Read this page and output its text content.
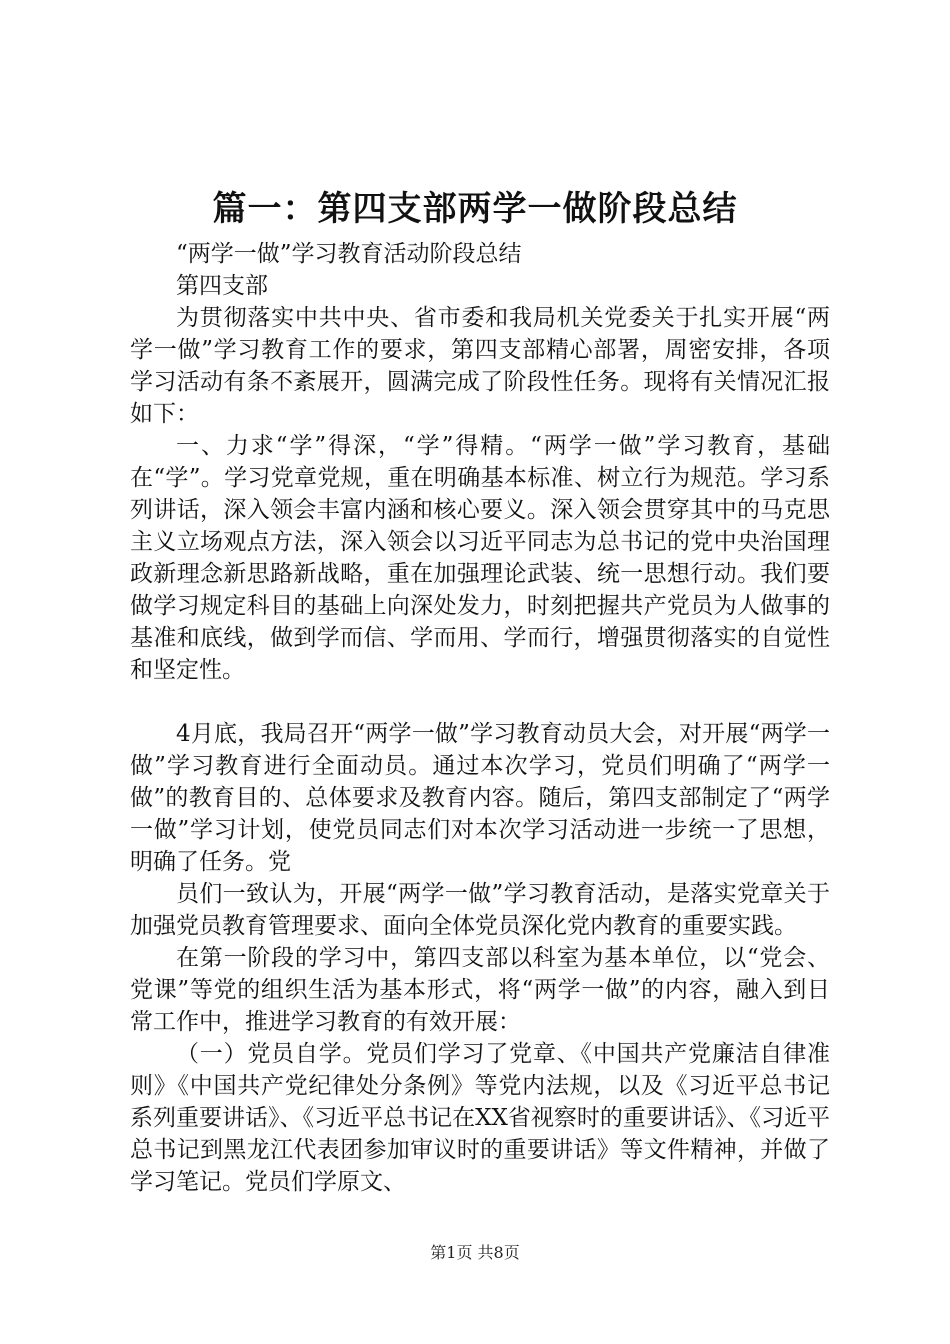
篇一：第四支部两学一做阶段总结

“两学一做”学习教育活动阶段总结

第四支部

为贯彻落实中共中央、省市委和我局机关党委关于扎实开展“两学一做”学习教育工作的要求，第四支部精心部署，周密安排，各项学习活动有条不紊展开，圆满完成了阶段性任务。现将有关情况汇报如下：

一、力求“学”得深，“学”得精。“两学一做”学习教育，基础在“学”。学习党章党规，重在明确基本标准、树立行为规范。学习系列讲话，深入领会丰富内涵和核心要义。深入领会贯穿其中的马克思主义立场观点方法，深入领会以习近平同志为总书记的党中央治国理政新理念新思路新战略，重在加强理论武装、统一思想行动。我们要做学习规定科目的基础上向深处发力，时刻把握共产党员为人做事的基准和底线，做到学而信、学而用、学而行，增强贯彻落实的自觉性和坚定性。

4月底，我局召开“两学一做”学习教育动员大会，对开展“两学一做”学习教育进行全面动员。通过本次学习，党员们明确了“两学一做”的教育目的、总体要求及教育内容。随后，第四支部制定了“两学一做”学习计划，使党员同志们对本次学习活动进一步统一了思想，明确了任务。党

员们一致认为，开展“两学一做”学习教育活动，是落实党章关于加强党员教育管理要求、面向全体党员深化党内教育的重要实践。

在第一阶段的学习中，第四支部以科室为基本单位，以“党会、党课”等党的组织生活为基本形式，将“两学一做”的内容，融入到日常工作中，推进学习教育的有效开展：

（一）党员自学。党员们学习了党章、《中国共产党廉洁自律准则》《中国共产党纪律处分条例》等党内法规，以及《习近平总书记系列重要讲话》、《习近平总书记在XX省视察时的重要讲话》、《习近平总书记到黑龙江代表团参加审议时的重要讲话》等文件精神，并做了学习笔记。党员们学原文、

第1页 共8页
